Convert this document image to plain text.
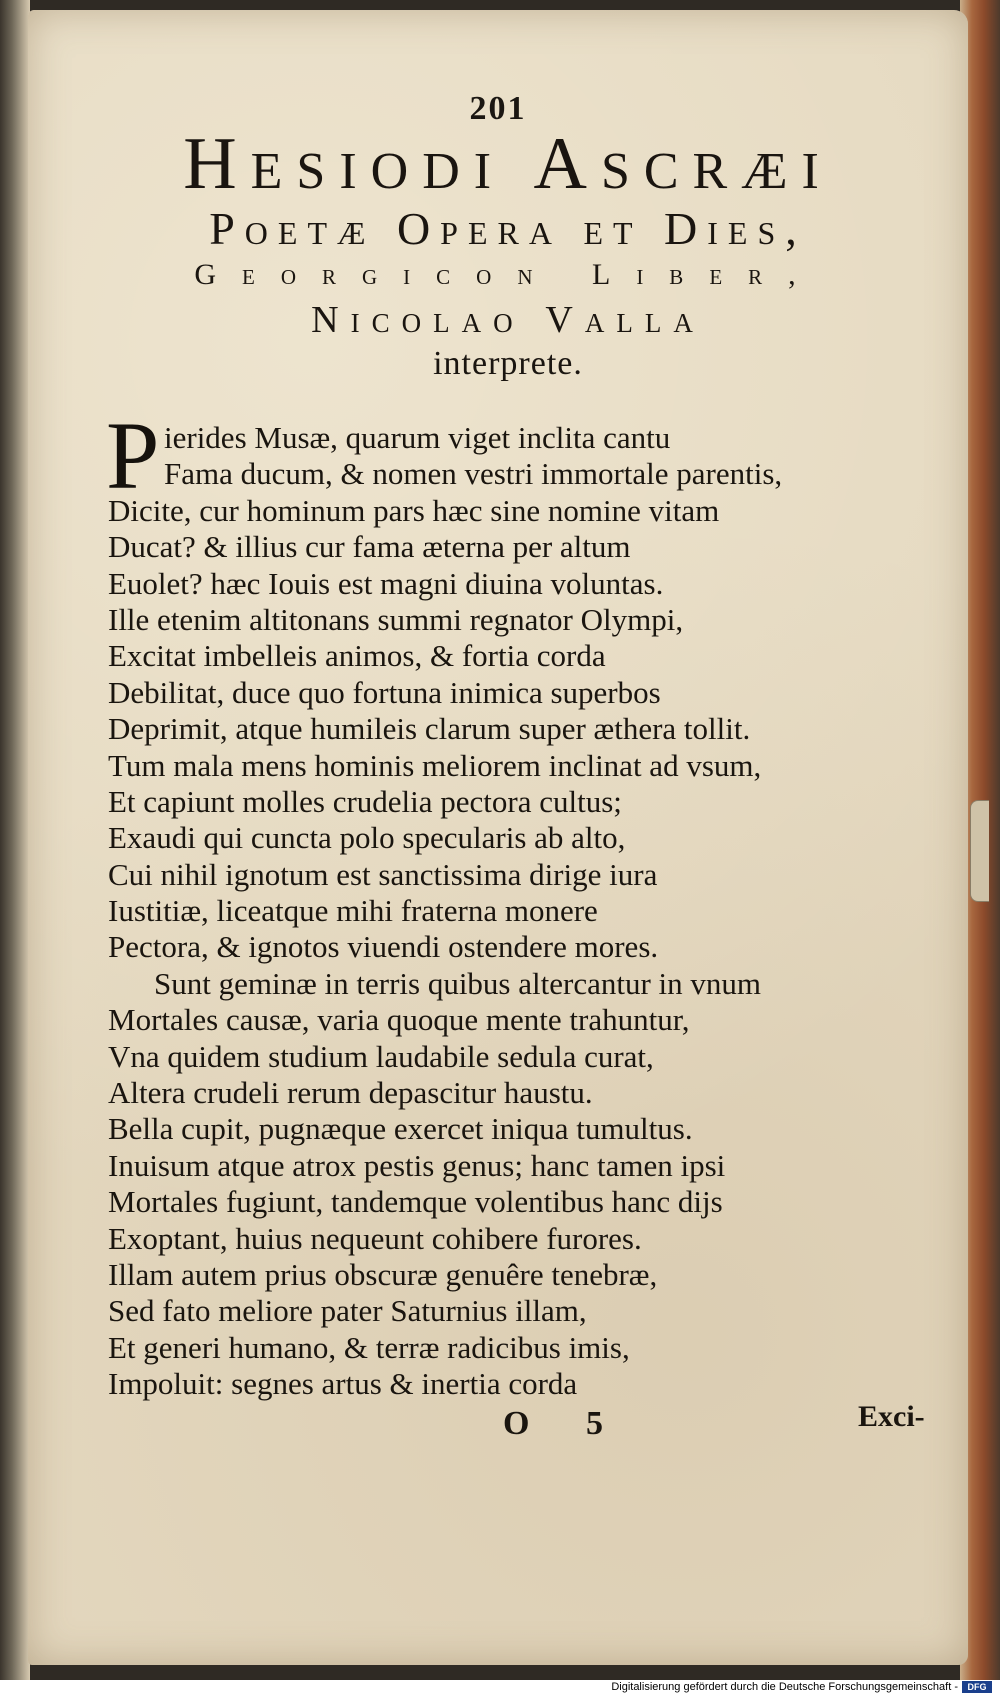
201
Hesiodi Ascræi
Poetæ Opera et Dies,
Georgicon Liber,
Nicolao Valla
interprete.
P ierides Musæ, quarum viget inclita cantu
Fama ducum, & nomen vestri immortale parentis,
Dicite, cur hominum pars hæc sine nomine vitam
Ducat? & illius cur fama æterna per altum
Euolet? hæc Iouis est magni diuina voluntas.
Ille etenim altitonans summi regnator Olympi,
Excitat imbelleis animos, & fortia corda
Debilitat, duce quo fortuna inimica superbos
Deprimit, atque humileis clarum super æthera tollit.
Tum mala mens hominis meliorem inclinat ad vsum,
Et capiunt molles crudelia pectora cultus;
Exaudi qui cuncta polo specularis ab alto,
Cui nihil ignotum est sanctissima dirige iura
Iustitiæ, liceatque mihi fraterna monere
Pectora, & ignotos viuendi ostendere mores.
Sunt geminæ in terris quibus altercantur in vnum
Mortales causæ, varia quoque mente trahuntur,
Vna quidem studium laudabile sedula curat,
Altera crudeli rerum depascitur haustu.
Bella cupit, pugnæque exercet iniqua tumultus.
Inuisum atque atrox pestis genus; hanc tamen ipsi
Mortales fugiunt, tandemque volentibus hanc dijs
Exoptant, huius nequeunt cohibere furores.
Illam autem prius obscuræ genuêre tenebræ,
Sed fato meliore pater Saturnius illam,
Et generi humano, & terræ radicibus imis,
Impoluit: segnes artus & inertia corda
O 5	Exci-
Digitalisierung gefördert durch die Deutsche Forschungsgemeinschaft -	DFG
